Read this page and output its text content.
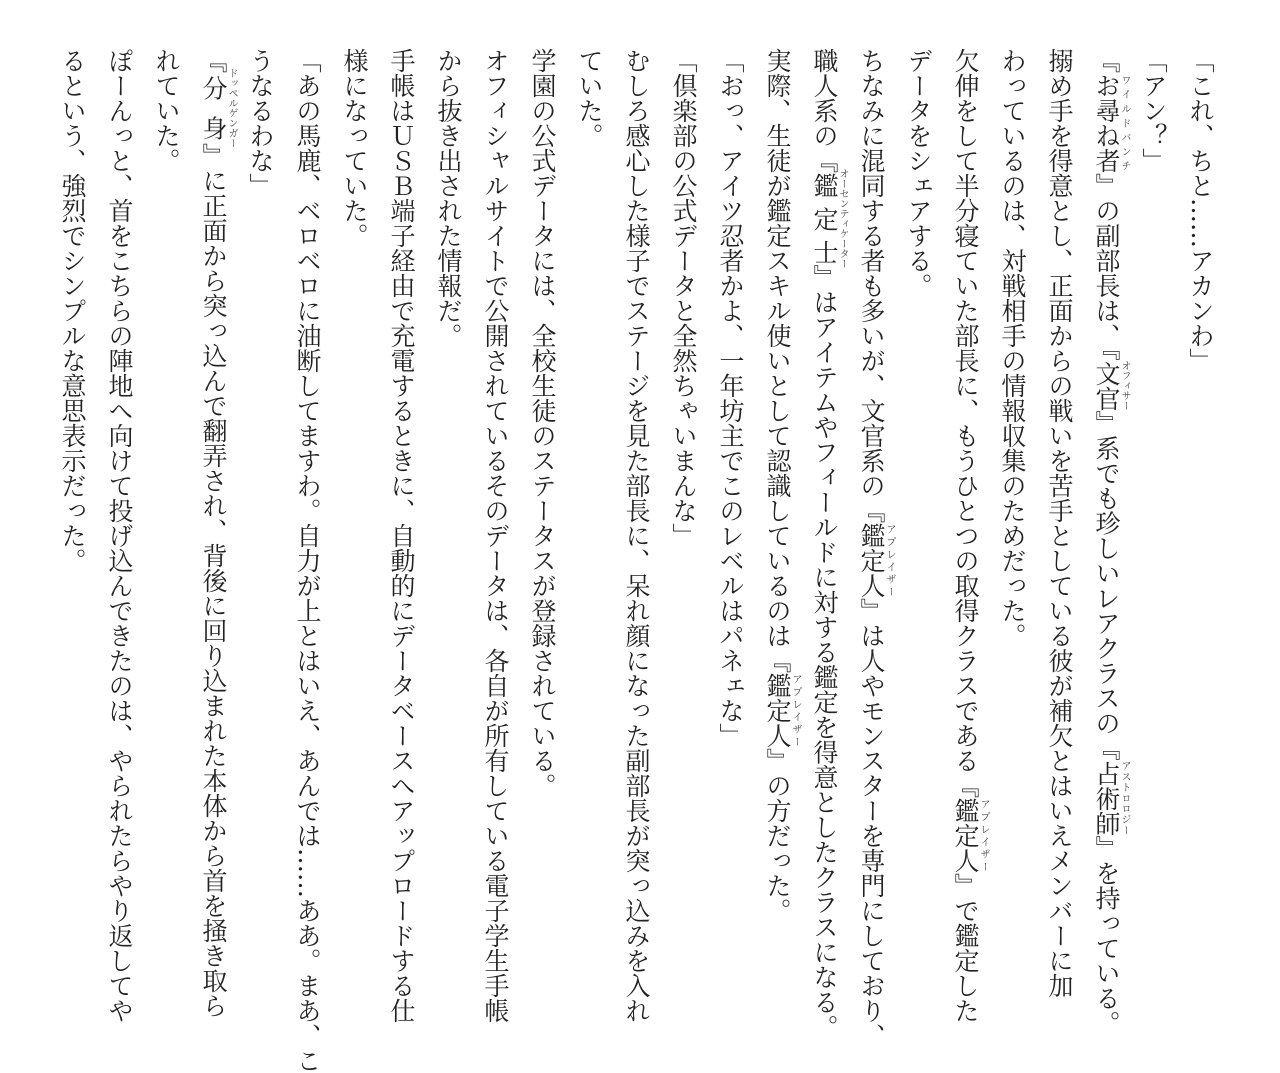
「これ、ちと……アカンわ」
「アン？」
『お尋ね者ワイルドバンチ』の副部長は、『文官オフィサー』系でも珍しいレアクラスの『占術師アストロロジー』を持っている。
搦め手を得意とし、正面からの戦いを苦手としている彼が補欠とはいえメンバーに加
わっているのは、対戦相手の情報収集のためだった。
欠伸をして半分寝ていた部長に、もうひとつの取得クラスである『鑑定人アプレイザー』で鑑定した
データをシェアする。
ちなみに混同する者も多いが、文官系の『鑑定人アプレイザー』は人やモンスターを専門にしており、
職人系の『鑑定士オーセンティケーター』はアイテムやフィールドに対する鑑定を得意としたクラスになる。
実際、生徒が鑑定スキル使いとして認識しているのは『鑑定人アプレイザー』の方だった。
「おっ、アイツ忍者かよ、一年坊主でこのレベルはパネェな」
「倶楽部の公式データと全然ちゃいまんな」
むしろ感心した様子でステージを見た部長に、呆れ顔になった副部長が突っ込みを入れ
ていた。
学園の公式データには、全校生徒のステータスが登録されている。
オフィシャルサイトで公開されているそのデータは、各自が所有している電子学生手帳
から抜き出された情報だ。
手帳はＵＳＢ端子経由で充電するときに、自動的にデータベースへアップロードする仕
様になっていた。
「あの馬鹿、ベロベロに油断してますわ。自力が上とはいえ、あんでは……ああ。まあ、こ
うなるわな」
『分身ドッペルゲンガー』に正面から突っ込んで翻弄され、背後に回り込まれた本体から首を掻き取ら
れていた。
ぽーんっと、首をこちらの陣地へ向けて投げ込んできたのは、やられたらやり返してや
るという、強烈でシンプルな意思表示だった。
